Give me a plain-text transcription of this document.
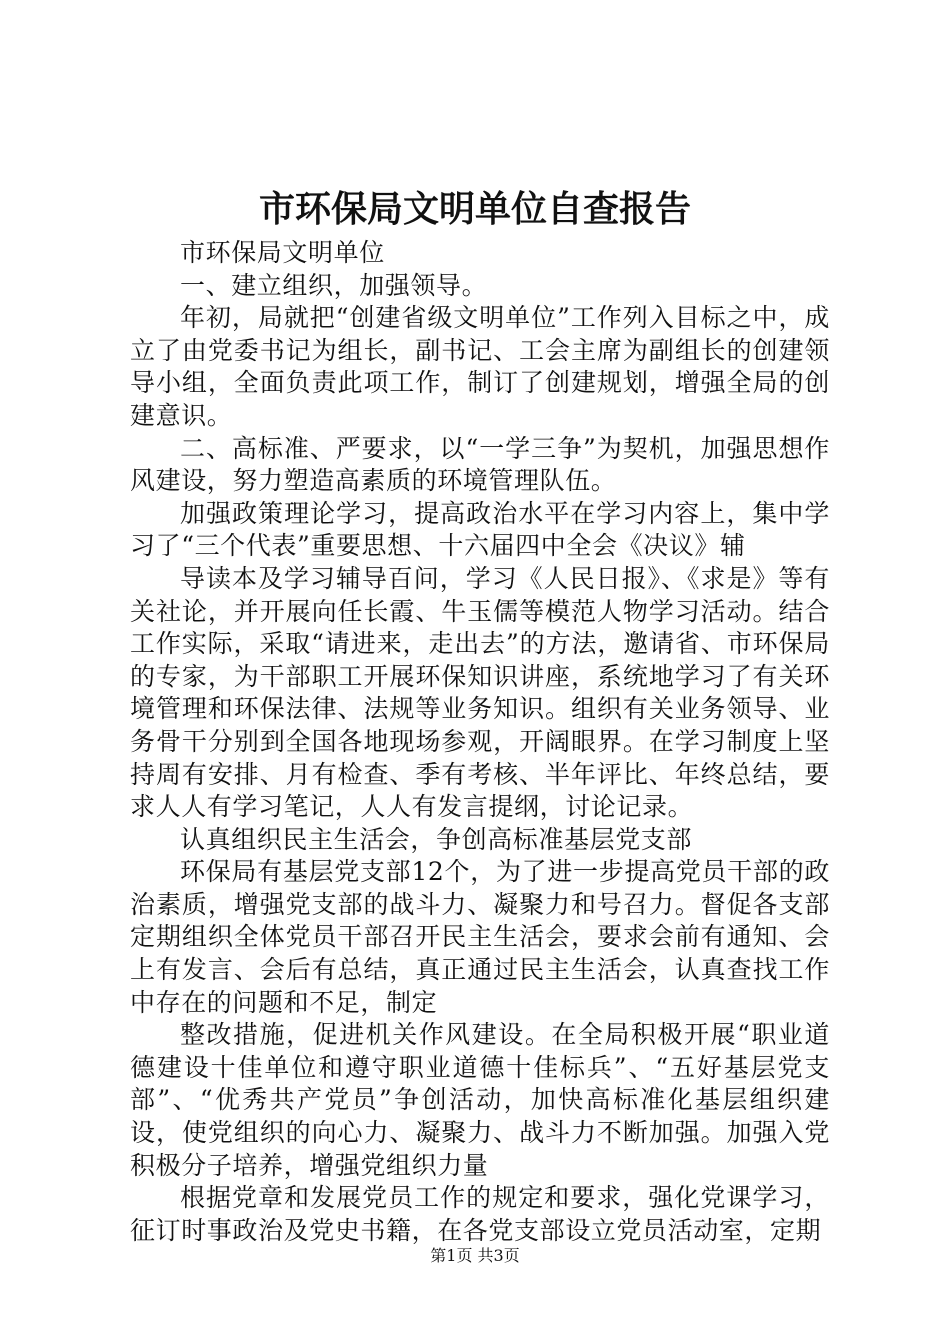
市环保局文明单位自查报告

市环保局文明单位

一、建立组织，加强领导。

年初，局就把“创建省级文明单位”工作列入目标之中，成立了由党委书记为组长，副书记、工会主席为副组长的创建领导小组，全面负责此项工作，制订了创建规划，增强全局的创建意识。

二、高标准、严要求，以“一学三争”为契机，加强思想作风建设，努力塑造高素质的环境管理队伍。

加强政策理论学习，提高政治水平在学习内容上，集中学习了“三个代表”重要思想、十六届四中全会《决议》辅

导读本及学习辅导百问，学习《人民日报》、《求是》等有关社论，并开展向任长霞、牛玉儒等模范人物学习活动。结合工作实际，采取“请进来，走出去”的方法，邀请省、市环保局的专家，为干部职工开展环保知识讲座，系统地学习了有关环境管理和环保法律、法规等业务知识。组织有关业务领导、业务骨干分别到全国各地现场参观，开阔眼界。在学习制度上坚持周有安排、月有检查、季有考核、半年评比、年终总结，要求人人有学习笔记，人人有发言提纲，讨论记录。

认真组织民主生活会，争创高标准基层党支部

环保局有基层党支部12个，为了进一步提高党员干部的政治素质，增强党支部的战斗力、凝聚力和号召力。督促各支部定期组织全体党员干部召开民主生活会，要求会前有通知、会上有发言、会后有总结，真正通过民主生活会，认真查找工作中存在的问题和不足，制定

整改措施，促进机关作风建设。在全局积极开展“职业道德建设十佳单位和遵守职业道德十佳标兵”、“五好基层党支部”、“优秀共产党员”争创活动，加快高标准化基层组织建设，使党组织的向心力、凝聚力、战斗力不断加强。加强入党积极分子培养，增强党组织力量

根据党章和发展党员工作的规定和要求，强化党课学习，征订时事政治及党史书籍，在各党支部设立党员活动室，定期

第1页 共3页
